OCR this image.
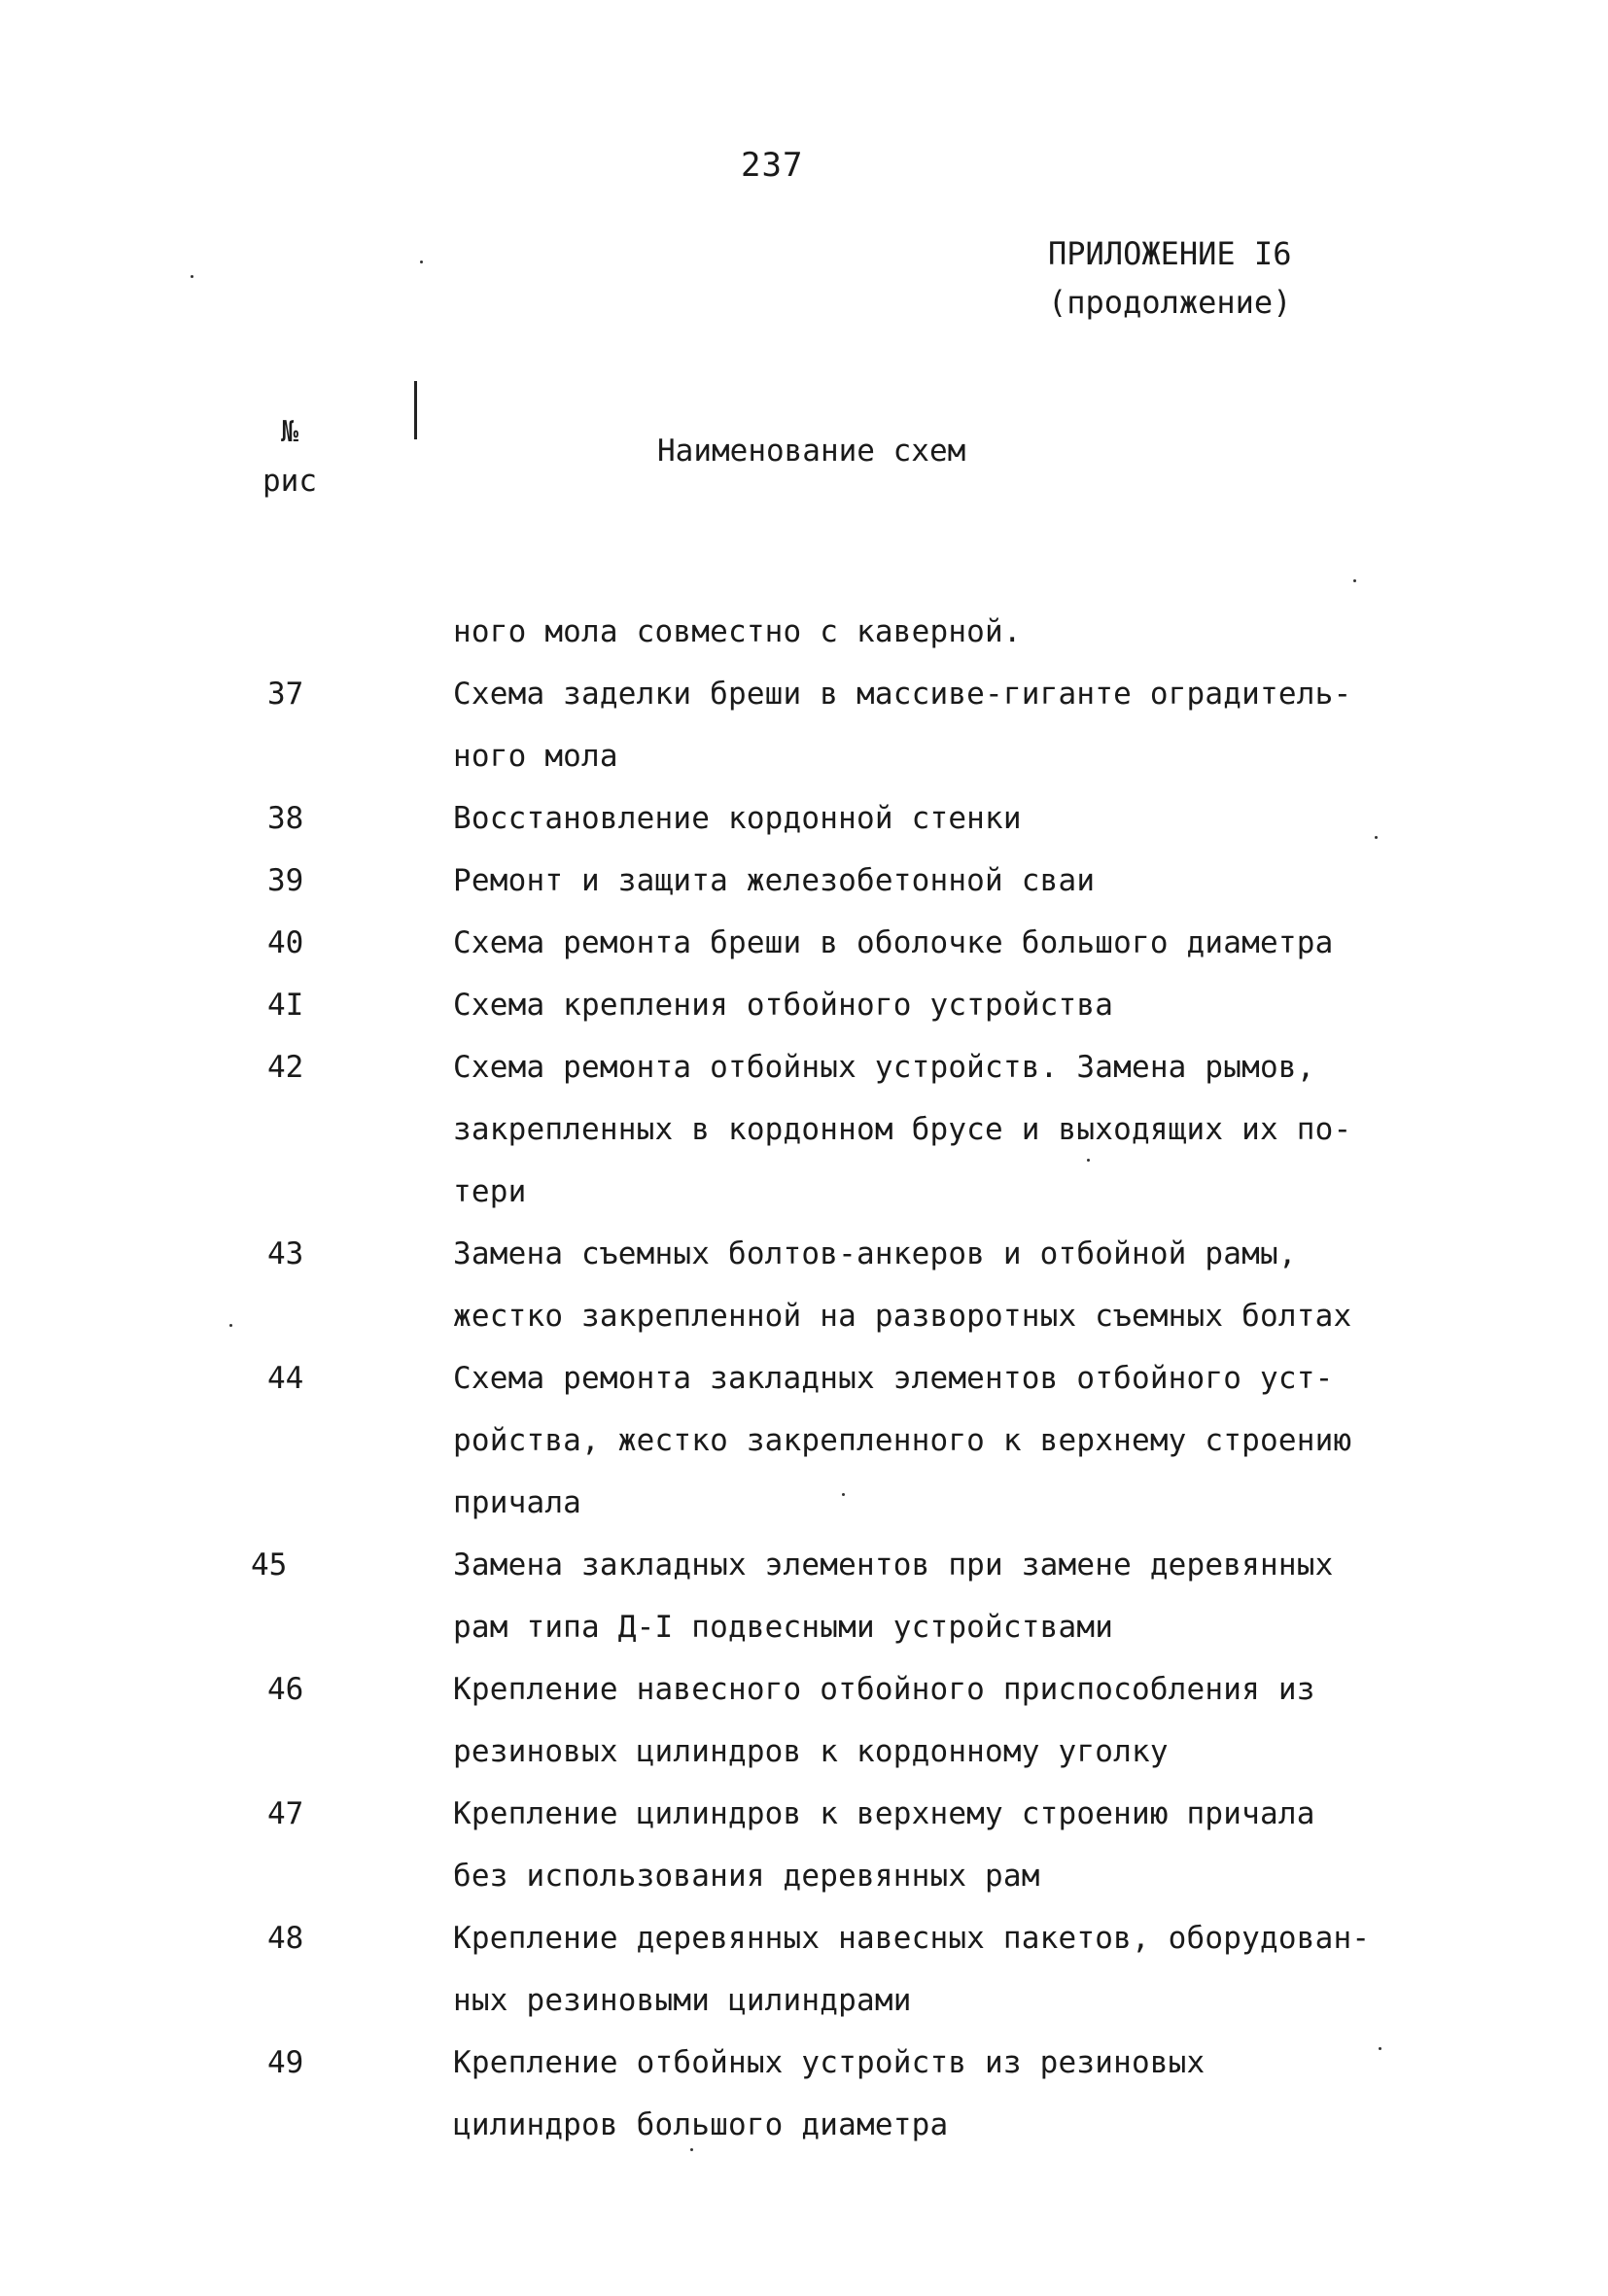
237
ПРИЛОЖЕНИЕ I6
(продолжение)
№
рис
Наименование схем
ного мола совместно с каверной.
37	Схема заделки бреши в массиве-гиганте оградитель-
ного мола
38	Восстановление кордонной стенки
39	Ремонт и защита железобетонной сваи
40	Схема ремонта бреши в оболочке большого диаметра
4I	Схема крепления отбойного устройства
42	Схема ремонта отбойных устройств. Замена рымов,
закрепленных в кордонном брусе и выходящих их по-
тери
43	Замена съемных болтов-анкеров и отбойной рамы,
жестко закрепленной на разворотных съемных болтах
44	Схема ремонта закладных элементов отбойного уст-
ройства, жестко закрепленного к верхнему строению
причала
45	Замена закладных элементов при замене деревянных
рам типа Д-I подвесными устройствами
46	Крепление навесного отбойного приспособления из
резиновых цилиндров к кордонному уголку
47	Крепление цилиндров к верхнему строению причала
без использования деревянных рам
48	Крепление деревянных навесных пакетов, оборудован-
ных резиновыми цилиндрами
49	Крепление отбойных устройств из резиновых
цилиндров большого диаметра
